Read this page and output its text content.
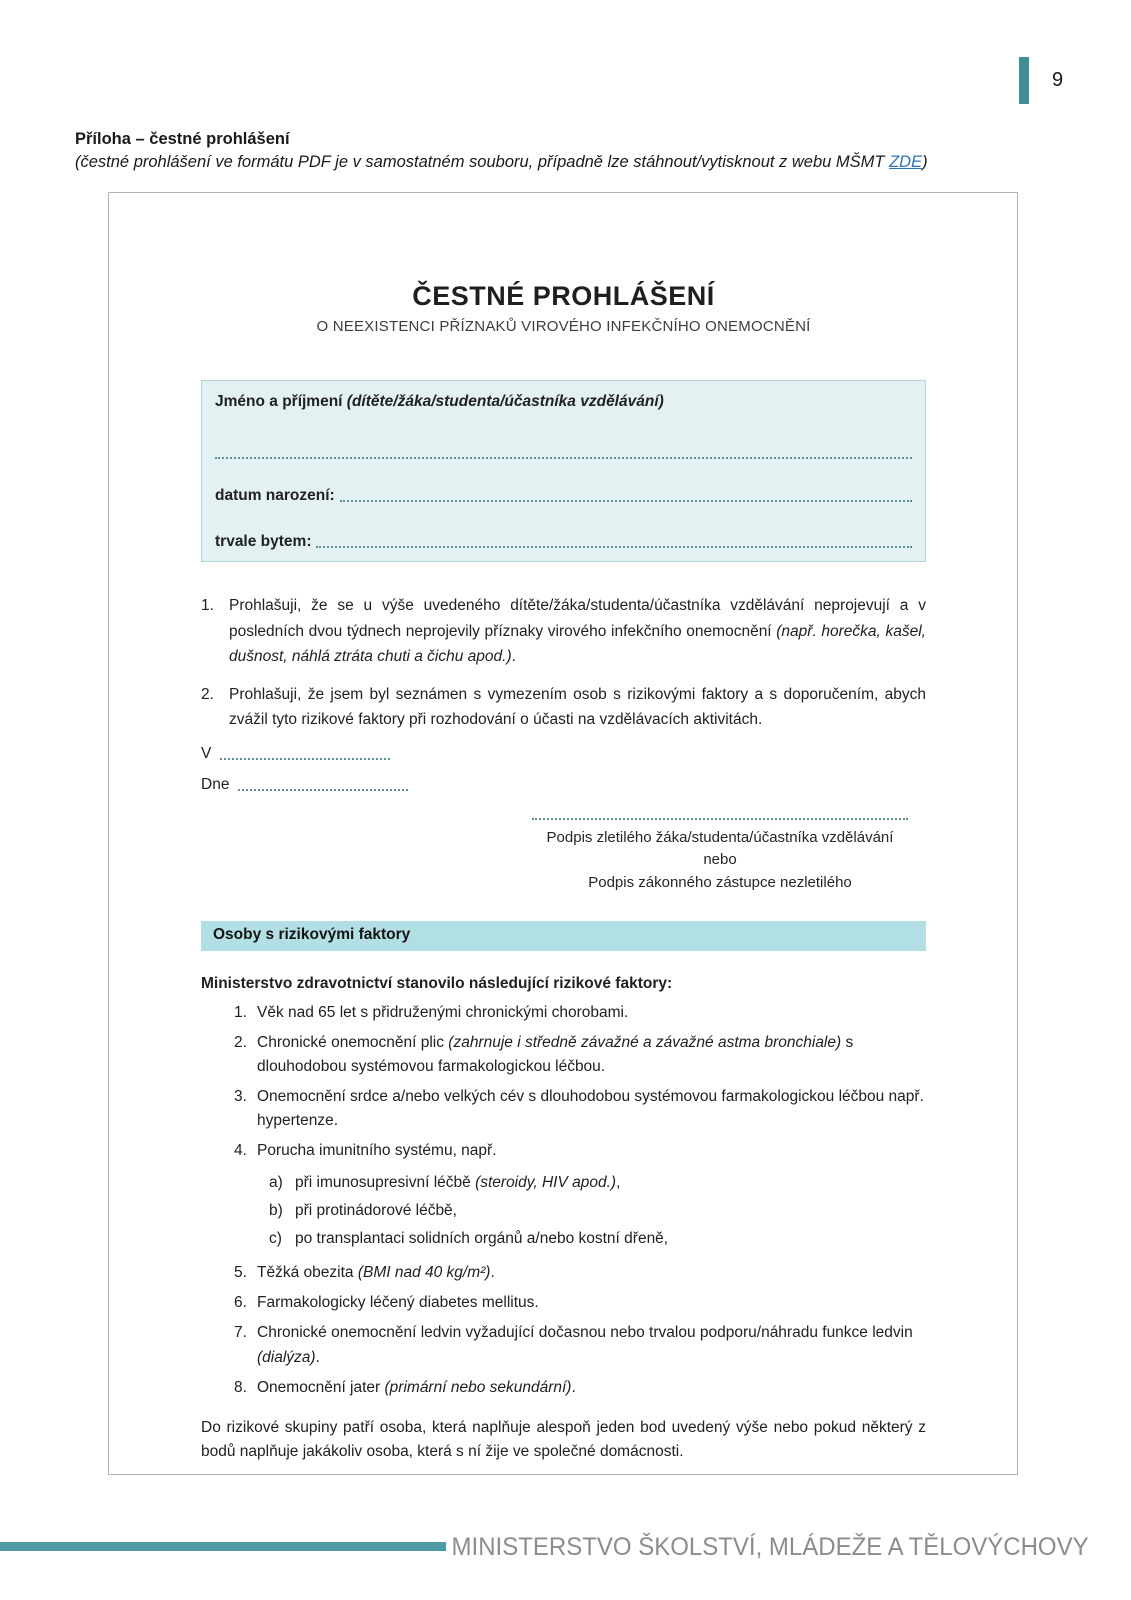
9
Příloha – čestné prohlášení
(čestné prohlášení ve formátu PDF je v samostatném souboru, případně lze stáhnout/vytisknout z webu MŠMT ZDE)
ČESTNÉ PROHLÁŠENÍ
O NEEXISTENCI PŘÍZNAKŮ VIROVÉHO INFEKČNÍHO ONEMOCNĚNÍ
Jméno a příjmení (dítěte/žáka/studenta/účastníka vzdělávání)
datum narození:
trvale bytem:
1. Prohlašuji, že se u výše uvedeného dítěte/žáka/studenta/účastníka vzdělávání neprojevují a v posledních dvou týdnech neprojevily příznaky virového infekčního onemocnění (např. horečka, kašel, dušnost, náhlá ztráta chuti a čichu apod.).
2. Prohlašuji, že jsem byl seznámen s vymezením osob s rizikovými faktory a s doporučením, abych zvážil tyto rizikové faktory při rozhodování o účasti na vzdělávacích aktivitách.
V
Dne
Podpis zletilého žáka/studenta/účastníka vzdělávání
nebo
Podpis zákonného zástupce nezletilého
Osoby s rizikovými faktory
Ministerstvo zdravotnictví stanovilo následující rizikové faktory:
1. Věk nad 65 let s přidruženými chronickými chorobami.
2. Chronické onemocnění plic (zahrnuje i středně závažné a závažné astma bronchiale) s dlouhodobou systémovou farmakologickou léčbou.
3. Onemocnění srdce a/nebo velkých cév s dlouhodobou systémovou farmakologickou léčbou např. hypertenze.
4. Porucha imunitního systému, např.
a) při imunosupresivní léčbě (steroidy, HIV apod.),
b) při protinádorové léčbě,
c) po transplantaci solidních orgánů a/nebo kostní dřeně,
5. Těžká obezita (BMI nad 40 kg/m²).
6. Farmakologicky léčený diabetes mellitus.
7. Chronické onemocnění ledvin vyžadující dočasnou nebo trvalou podporu/náhradu funkce ledvin (dialýza).
8. Onemocnění jater (primární nebo sekundární).

Do rizikové skupiny patří osoba, která naplňuje alespoň jeden bod uvedený výše nebo pokud některý z bodů naplňuje jakákoliv osoba, která s ní žije ve společné domácnosti.

MINISTERSTVO ŠKOLSTVÍ, MLÁDEŽE A TĚLOVÝCHOVY
